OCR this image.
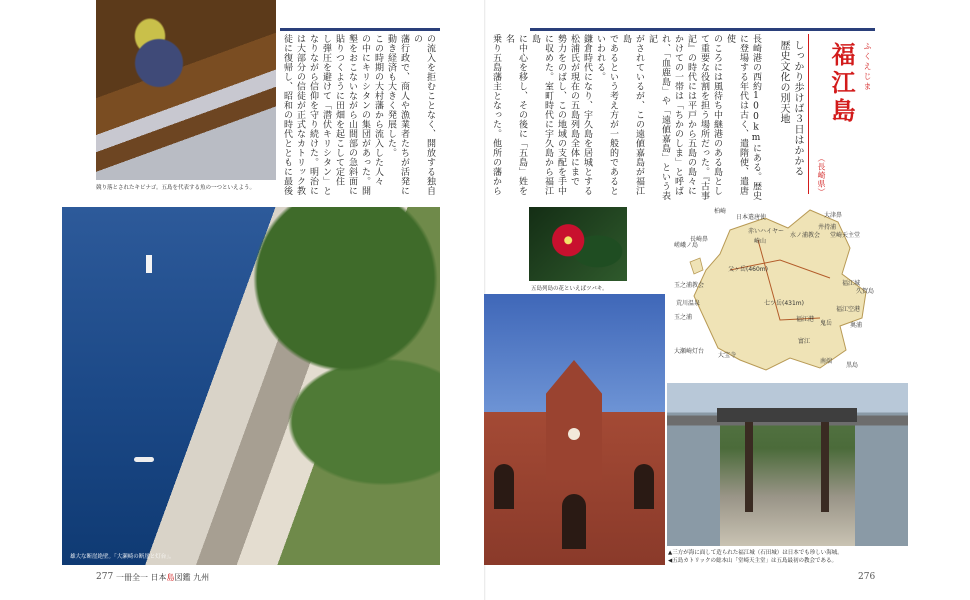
競り落とされたキビナゴ。五島を代表する魚の一つといえよう。	の流入を拒むことなく、開放する独自の
藩行政で、商人や漁業者たちが活発に
動き経済も大きく発展した。
この時期の大村藩から流入した人々
の中にキリシタンの集団があった。開
墾をおこないながら山間部の急斜面に
貼りつくように田畑を起こして定住
し弾圧を避けて「潜伏キリシタン」と
なりながら信仰を守り続けた。明治に
は大部分の信徒が正式なカトリック教
徒に復帰し、昭和の時代とともに最後
雄大な断崖絶壁。「大瀬崎の断崖と灯台」。
277 一冊全一 日本島図鑑 九州
長崎港の西約100kmにある。歴史
に登場する年代は古く、遣隋使、遣唐使
のころには風待ち中継港のある島とし
て重要な役割を担う場所だった。『古事
記』の時代には平戸から五島の島々に
かけての一帯は「ちかのしま」と呼ば
れ、「血鹿島」や「遠値嘉島」という表記
がされているが、この遠値嘉島が福江島
であるという考え方が一般的であると
いわれる。
鎌倉時代になり、宇久島を居城とする
松浦氏が現在の五島列島全体にまで
勢力をのばし、この地域の支配を手中
に収めた。室町時代に宇久島から福江島
に中心を移し、その後に「五島」姓を名
乗り五島藩主となった。他所の藩から	しっかり歩けば３日はかかる
歴史文化の別天地
（長崎県）
福江島 ふくえじま
五島列島の花といえばツバキ。
柏崎
日本遣唐使	大津鼻
井持浦
赤いハイヤー
長崎鼻	崎山
水ノ浦教会
嵯峨ノ島
父ヶ岳(460m)
七ツ岳(431m)
玉之浦教会
荒川温泉
玉之浦
大瀬崎灯台
大宝寺
富江
黒島
福江城
福江空港
鬼岳
堂崎天主堂
福江港
奥浦
久賀島
南端
▲三方が海に面して造られた福江城（石田城）は日本でも珍しい海城。
◀五島カトリックの総本山「堂崎天主堂」は五島最初の教会である。
276
